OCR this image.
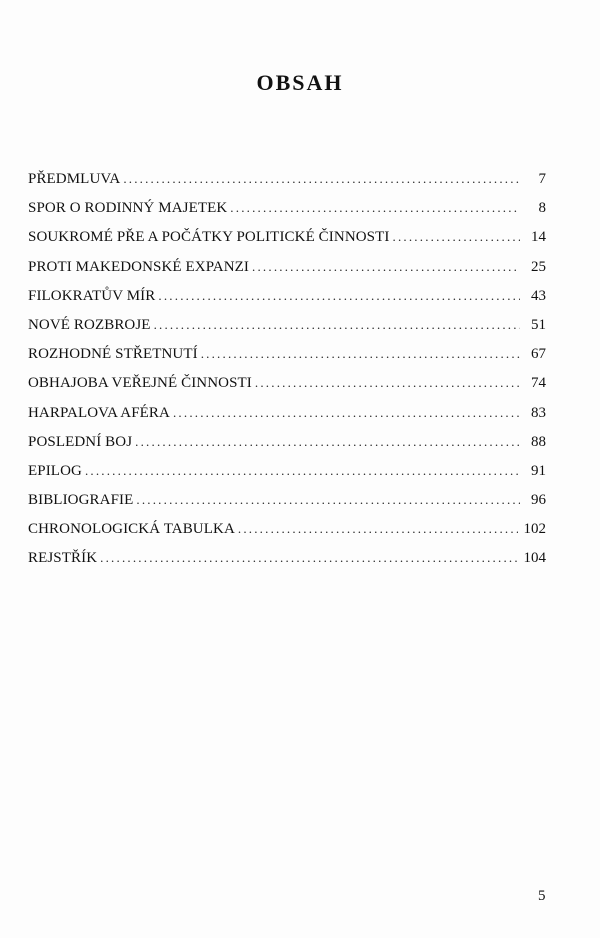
OBSAH
PŘEDMLUVA .....	7
SPOR O RODINNÝ MAJETEK .....	8
SOUKROMÉ PŘE A POČÁTKY POLITICKÉ ČINNOSTI .....	14
PROTI MAKEDONSKÉ EXPANZI .....	25
FILOKRATŮV MÍR .....	43
NOVÉ ROZBROJE .....	51
ROZHODNÉ STŘETNUTÍ .....	67
OBHAJOBA VEŘEJNÉ ČINNOSTI .....	74
HARPALOVA AFÉRA .....	83
POSLEDNÍ BOJ .....	88
EPILOG .....	91
BIBLIOGRAFIE .....	96
CHRONOLOGICKÁ TABULKA .....	102
REJSTŘÍK .....	104
5
